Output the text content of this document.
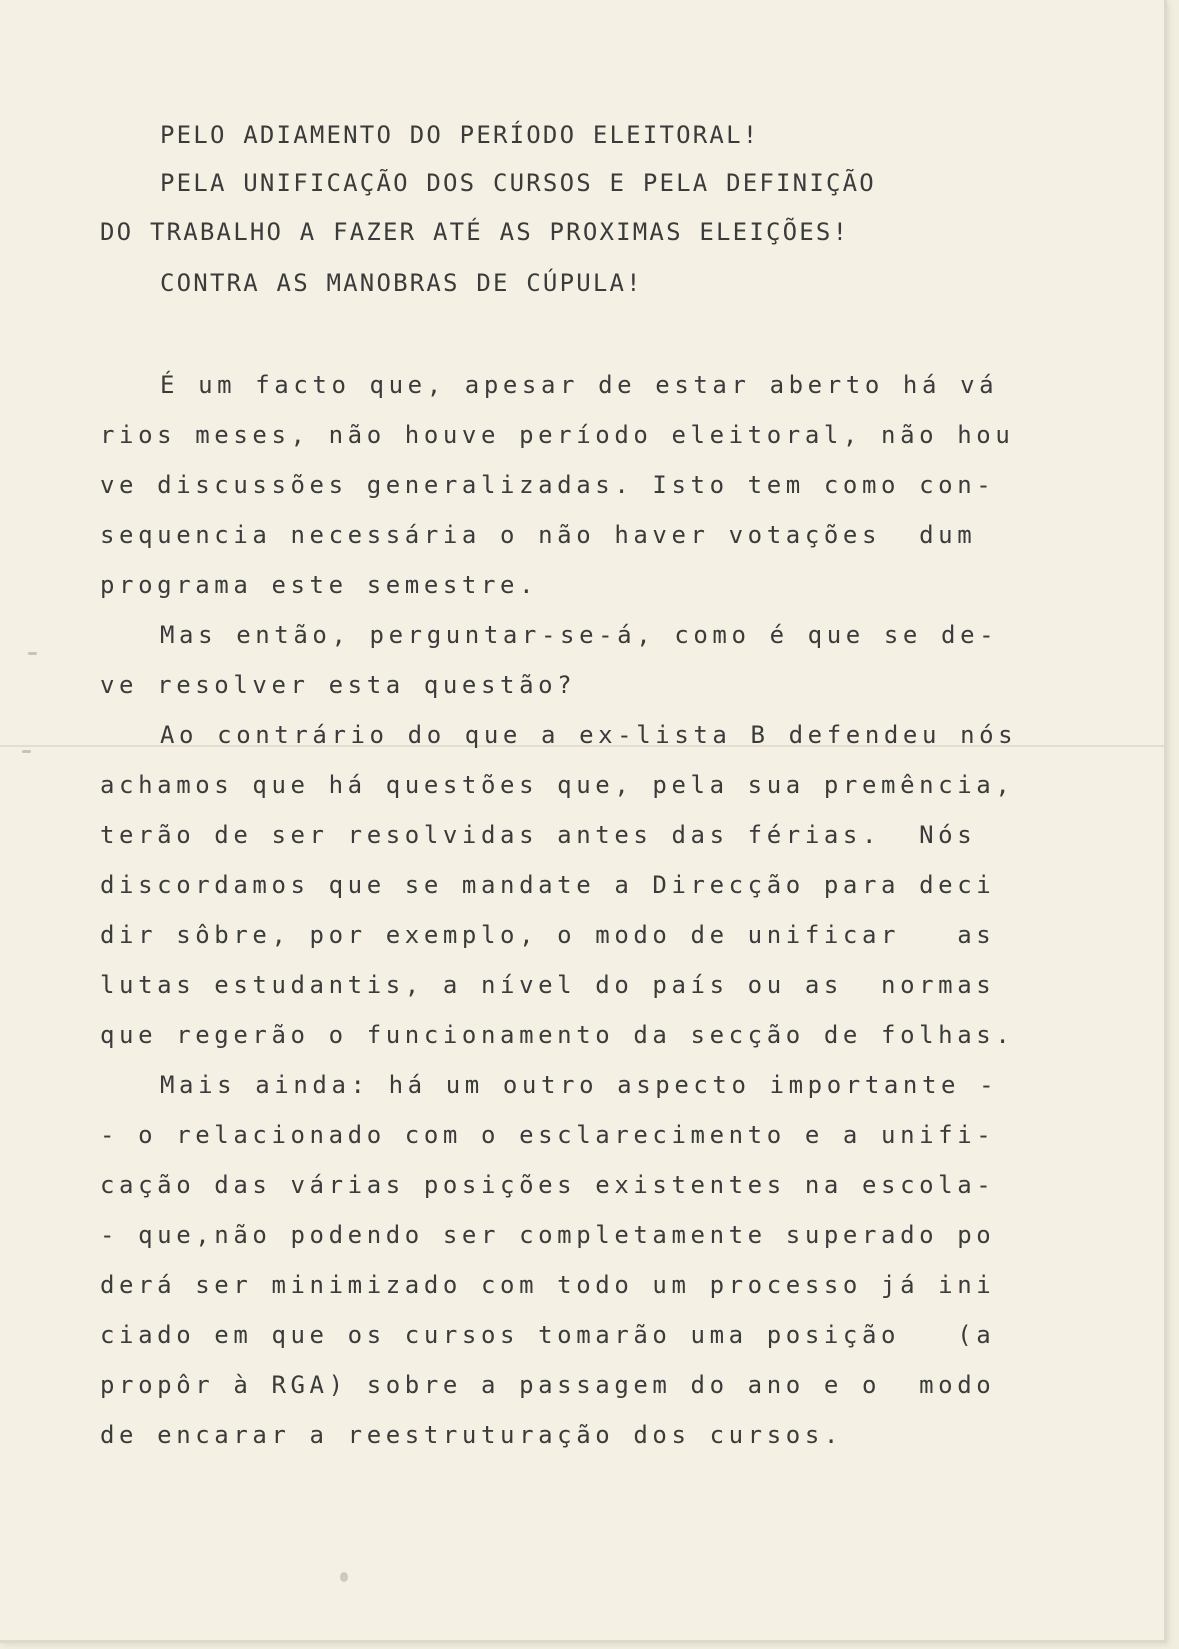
PELO ADIAMENTO DO PERÍODO ELEITORAL!
PELA UNIFICAÇÃO DOS CURSOS E PELA DEFINIÇÃO
DO TRABALHO A FAZER ATÉ AS PROXIMAS ELEIÇÕES!
CONTRA AS MANOBRAS DE CÚPULA!
É um facto que, apesar de estar aberto há vá
rios meses, não houve período eleitoral, não hou
ve discussões generalizadas. Isto tem como con-
sequencia necessária o não haver votações  dum
programa este semestre.
Mas então, perguntar-se-á, como é que se de-
ve resolver esta questão?
Ao contrário do que a ex-lista B defendeu nós
achamos que há questões que, pela sua premência,
terão de ser resolvidas antes das férias.  Nós
discordamos que se mandate a Direcção para deci
dir sôbre, por exemplo, o modo de unificar   as
lutas estudantis, a nível do país ou as  normas
que regerão o funcionamento da secção de folhas.
Mais ainda: há um outro aspecto importante -
- o relacionado com o esclarecimento e a unifi-
cação das várias posições existentes na escola-
- que,não podendo ser completamente superado po
derá ser minimizado com todo um processo já ini
ciado em que os cursos tomarão uma posição   (a
propôr à RGA) sobre a passagem do ano e o  modo
de encarar a reestruturação dos cursos.
